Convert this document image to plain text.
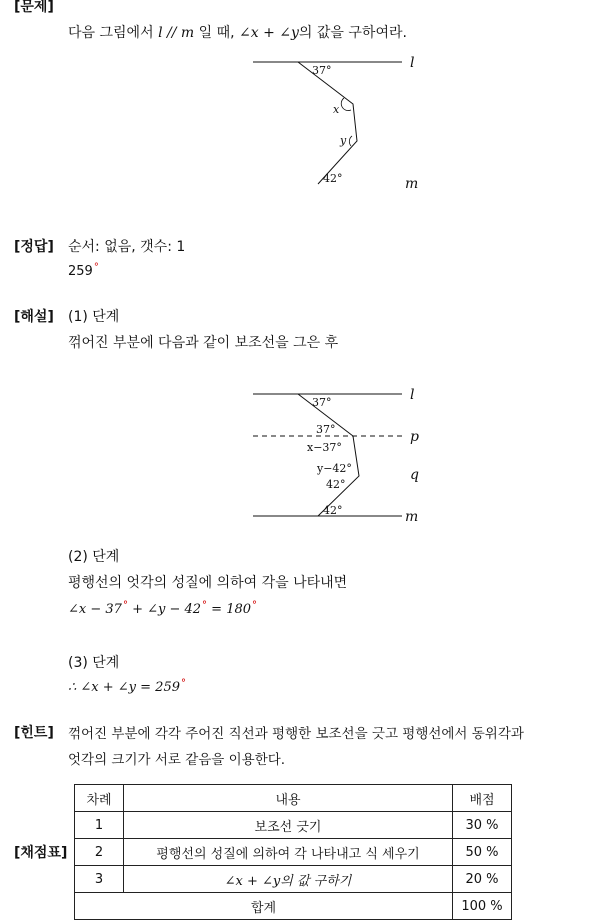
[문제]
다음 그림에서 l // m 일 때, ∠x + ∠y의 값을 구하여라.
l
m
37°
x
y
42°
[정답] 순서: 없음, 갯수: 1
259°
[해설] (1) 단계
꺾어진 부분에 다음과 같이 보조선을 그은 후
l
p
q
m
37°
37°
x−37°
y−42°
42°
42°
(2) 단계
평행선의 엇각의 성질에 의하여 각을 나타내면
∠x − 37° + ∠y − 42° = 180°
(3) 단계
∴ ∠x + ∠y = 259°
[힌트] 꺾어진 부분에 각각 주어진 직선과 평행한 보조선을 긋고 평행선에서 동위각과
엇각의 크기가 서로 같음을 이용한다.
[채점표]
차례	내용	배점
1	보조선 긋기	30 %
2	평행선의 성질에 의하여 각 나타내고 식 세우기	50 %
3	∠x + ∠y의 값 구하기	20 %
합계		100 %
